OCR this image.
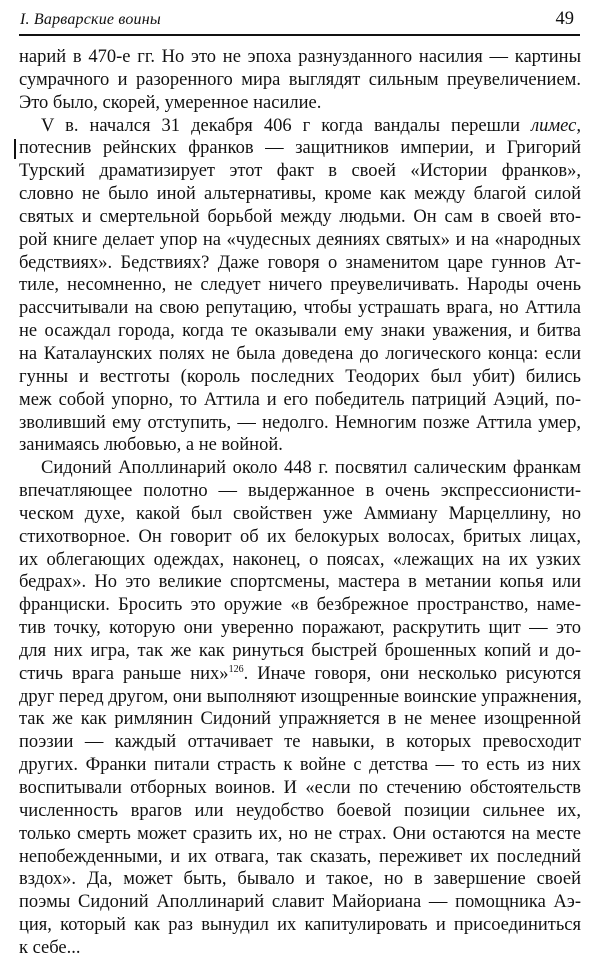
I. Варварские воины	49

нарий в 470-е гг. Но это не эпоха разнузданного насилия — картины
сумрачного и разоренного мира выглядят сильным преувеличением.
Это было, скорей, умеренное насилие.

V в. начался 31 декабря 406 г когда вандалы перешли лимес,
потеснив рейнских франков — защитников империи, и Григорий
Турский драматизирует этот факт в своей «Истории франков»,
словно не было иной альтернативы, кроме как между благой силой
святых и смертельной борьбой между людьми. Он сам в своей вто-
рой книге делает упор на «чудесных деяниях святых» и на «народных
бедствиях». Бедствиях? Даже говоря о знаменитом царе гуннов Ат-
тиле, несомненно, не следует ничего преувеличивать. Народы очень
рассчитывали на свою репутацию, чтобы устрашать врага, но Аттила
не осаждал города, когда те оказывали ему знаки уважения, и битва
на Каталаунских полях не была доведена до логического конца: если
гунны и вестготы (король последних Теодорих был убит) бились
меж собой упорно, то Аттила и его победитель патриций Аэций, по-
зволивший ему отступить, — недолго. Немногим позже Аттила умер,
занимаясь любовью, а не войной.

Сидоний Аполлинарий около 448 г. посвятил салическим франкам
впечатляющее полотно — выдержанное в очень экспрессионисти-
ческом духе, какой был свойствен уже Аммиану Марцеллину, но
стихотворное. Он говорит об их белокурых волосах, бритых лицах,
их облегающих одеждах, наконец, о поясах, «лежащих на их узких
бедрах». Но это великие спортсмены, мастера в метании копья или
франциски. Бросить это оружие «в безбрежное пространство, наме-
тив точку, которую они уверенно поражают, раскрутить щит — это
для них игра, так же как ринуться быстрей брошенных копий и до-
стичь врага раньше них»$^{126}$. Иначе говоря, они несколько рисуются
друг перед другом, они выполняют изощренные воинские упражнения,
так же как римлянин Сидоний упражняется в не менее изощренной
поэзии — каждый оттачивает те навыки, в которых превосходит
других. Франки питали страсть к войне с детства — то есть из них
воспитывали отборных воинов. И «если по стечению обстоятельств
численность врагов или неудобство боевой позиции сильнее их,
только смерть может сразить их, но не страх. Они остаются на месте
непобежденными, и их отвага, так сказать, переживет их последний
вздох». Да, может быть, бывало и такое, но в завершение своей
поэмы Сидоний Аполлинарий славит Майориана — помощника Аэ-
ция, который как раз вынудил их капитулировать и присоединиться
к себе...
